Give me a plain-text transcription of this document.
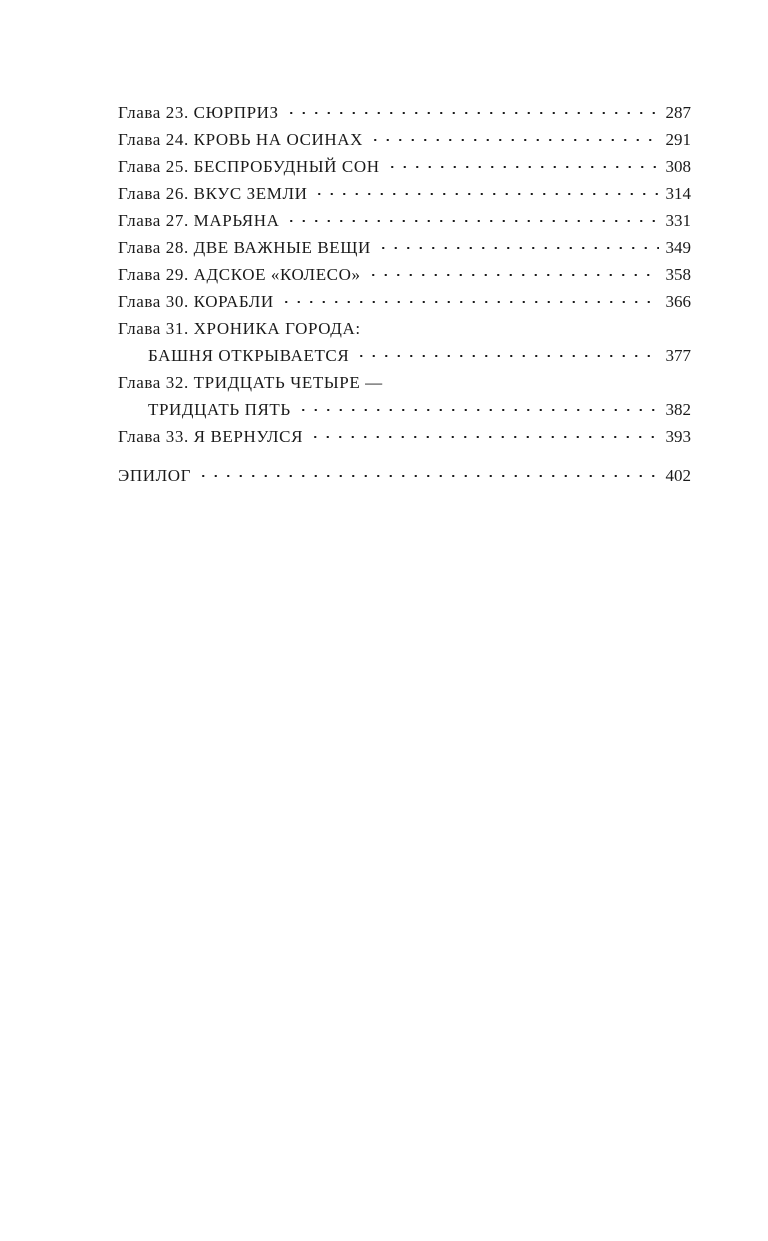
Глава 23. СЮРПРИЗ	287
Глава 24. КРОВЬ НА ОСИНАХ	291
Глава 25. БЕСПРОБУДНЫЙ СОН	308
Глава 26. ВКУС ЗЕМЛИ	314
Глава 27. МАРЬЯНА	331
Глава 28. ДВЕ ВАЖНЫЕ ВЕЩИ	349
Глава 29. АДСКОЕ «КОЛЕСО»	358
Глава 30. КОРАБЛИ	366
Глава 31. ХРОНИКА ГОРОДА:
БАШНЯ ОТКРЫВАЕТСЯ	377
Глава 32. ТРИДЦАТЬ ЧЕТЫРЕ —
ТРИДЦАТЬ ПЯТЬ	382
Глава 33. Я ВЕРНУЛСЯ	393
ЭПИЛОГ	402
